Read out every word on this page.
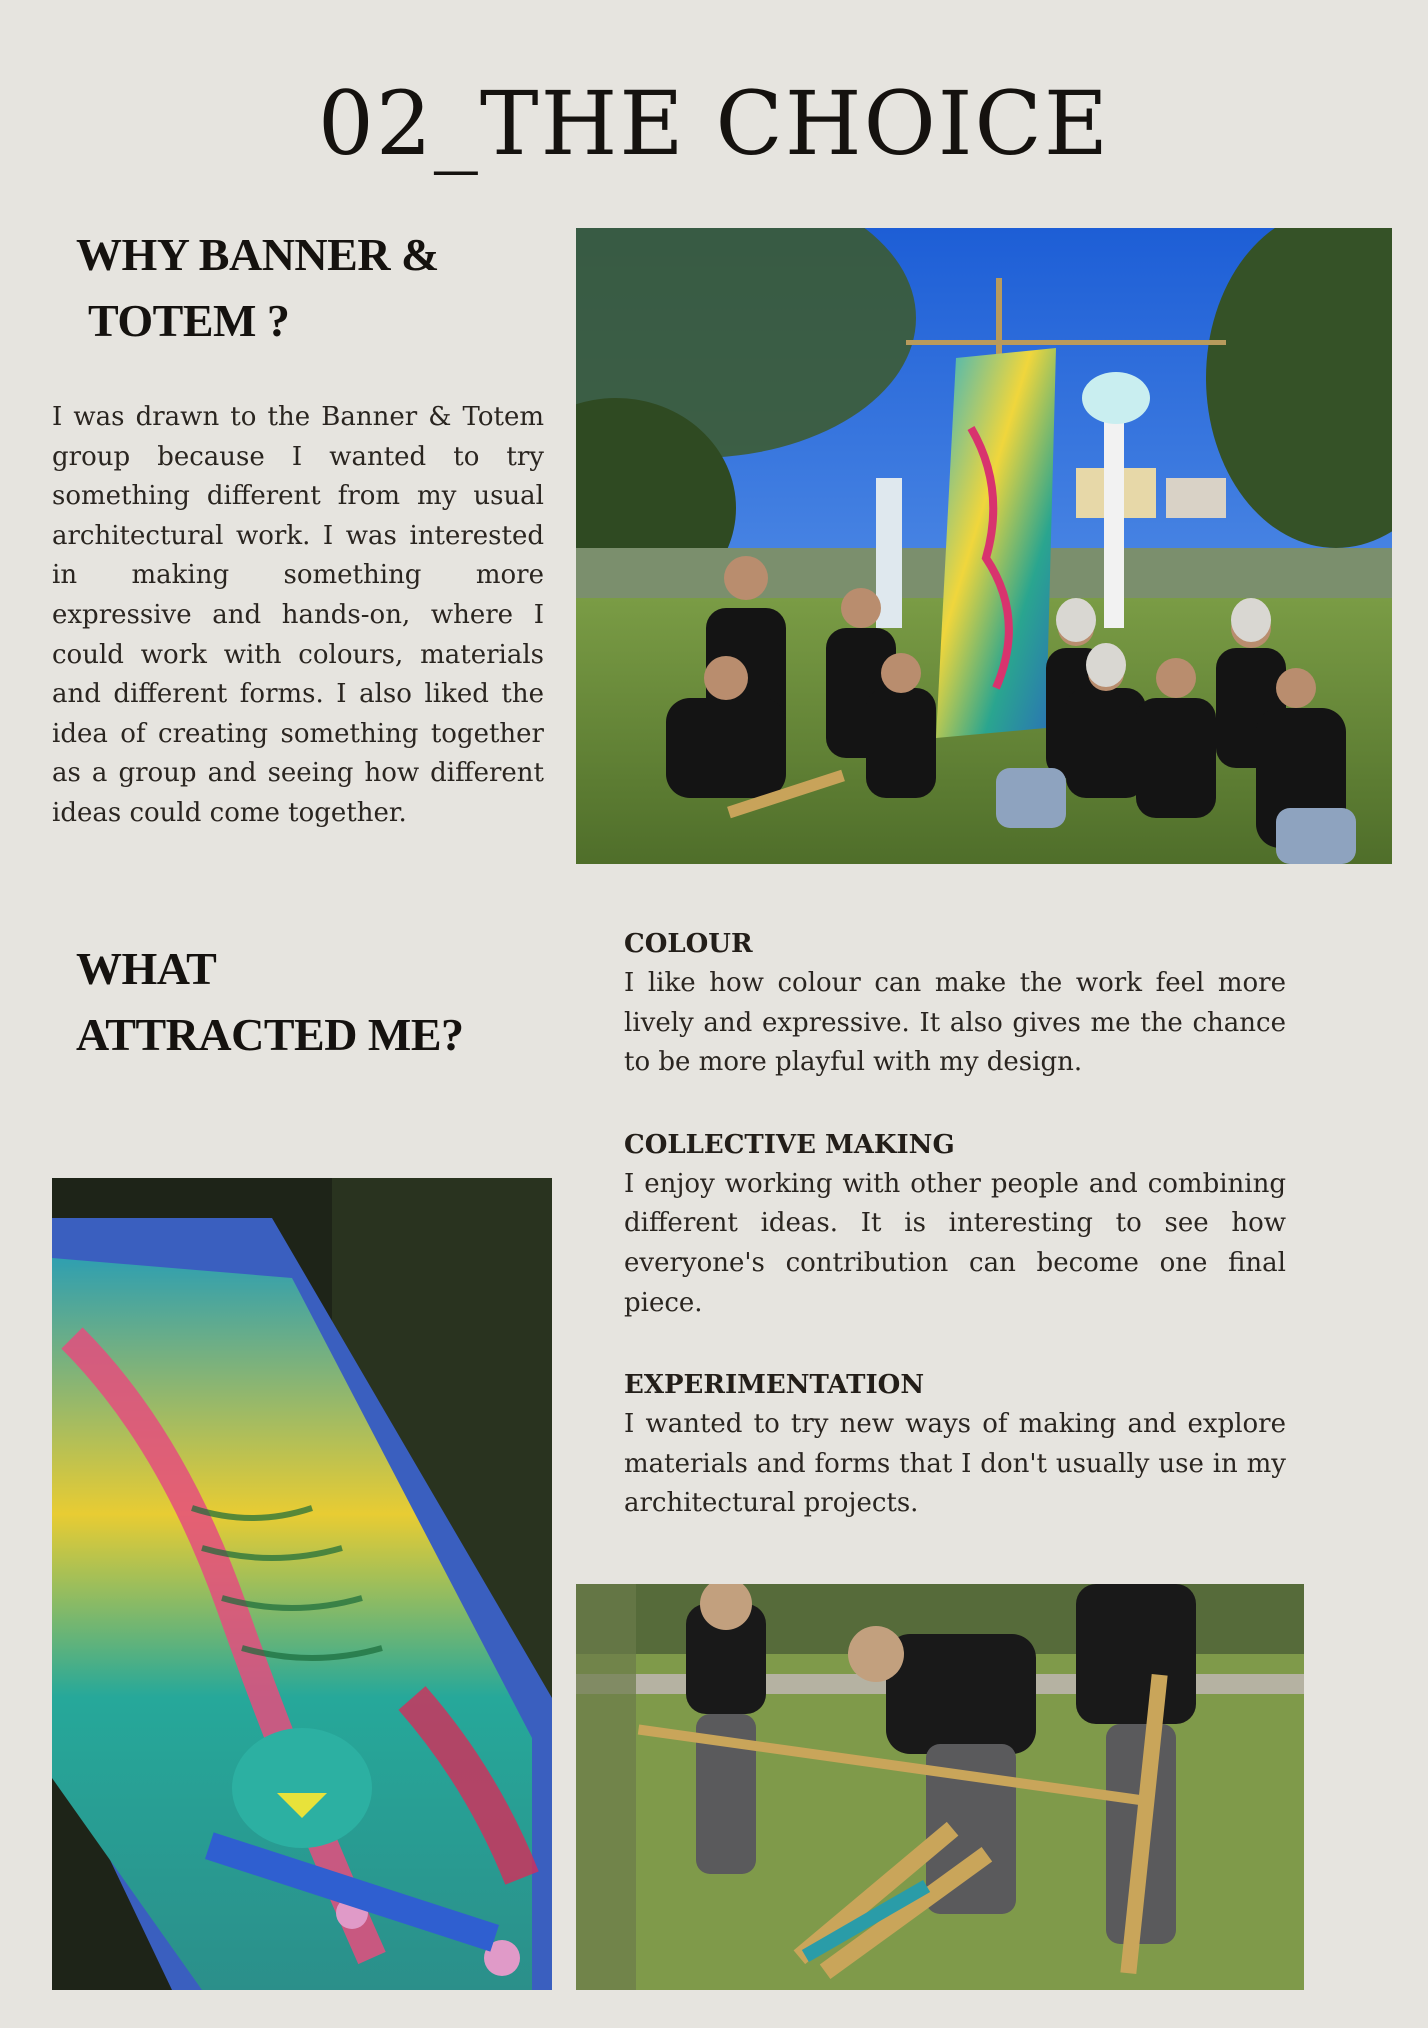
02_THE CHOICE

WHY BANNER &

TOTEM ?

I was drawn to the Banner & Totem group because I wanted to try something different from my usual architectural work. I was interested in making something more expressive and hands-on, where I could work with colours, materials and different forms. I also liked the idea of creating something together as a group and seeing how different ideas could come together.

WHAT

ATTRACTED ME?

COLOUR

I like how colour can make the work feel more lively and expressive. It also gives me the chance to be more playful with my design.

COLLECTIVE MAKING

I enjoy working with other people and combining different ideas. It is interesting to see how everyone's contribution can become one final piece.

EXPERIMENTATION

I wanted to try new ways of making and explore materials and forms that I don't usually use in my architectural projects.
